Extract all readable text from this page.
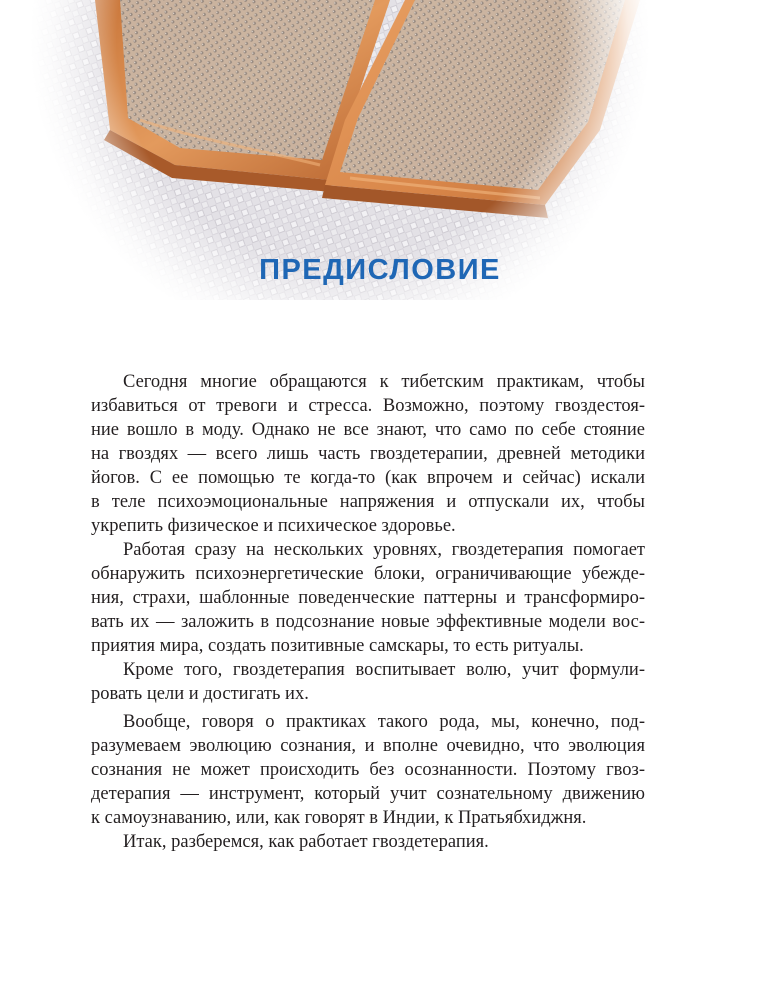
ПРЕДИСЛОВИЕ

Сегодня многие обращаются к тибетским практикам, чтобы
избавиться от тревоги и стресса. Возможно, поэтому гвоздестоя-
ние вошло в моду. Однако не все знают, что само по себе стояние
на гвоздях — всего лишь часть гвоздетерапии, древней методики
йогов. С ее помощью те когда-то (как впрочем и сейчас) искали
в теле психоэмоциональные напряжения и отпускали их, чтобы
укрепить физическое и психическое здоровье.

Работая сразу на нескольких уровнях, гвоздетерапия помогает
обнаружить психоэнергетические блоки, ограничивающие убежде-
ния, страхи, шаблонные поведенческие паттерны и трансформиро-
вать их — заложить в подсознание новые эффективные модели вос-
приятия мира, создать позитивные самскары, то есть ритуалы.

Кроме того, гвоздетерапия воспитывает волю, учит формули-
ровать цели и достигать их.

Вообще, говоря о практиках такого рода, мы, конечно, под-
разумеваем эволюцию сознания, и вполне очевидно, что эволюция
сознания не может происходить без осознанности. Поэтому гвоз-
детерапия — инструмент, который учит сознательному движению
к самоузнаванию, или, как говорят в Индии, к Пратьябхиджня.

Итак, разберемся, как работает гвоздетерапия.
